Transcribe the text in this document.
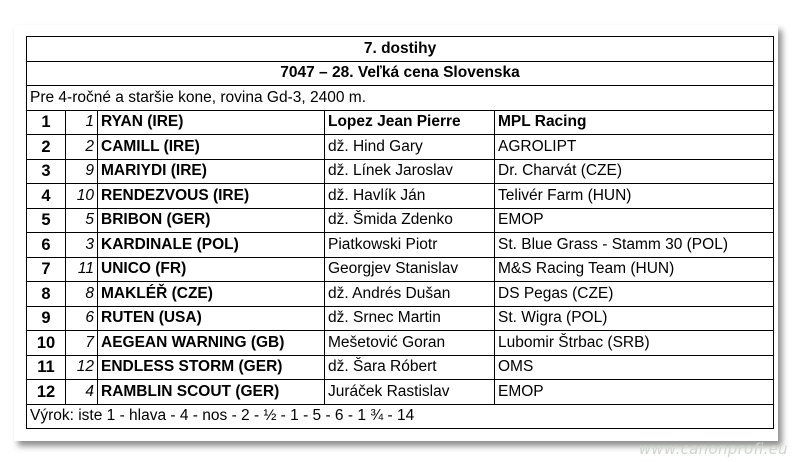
7. dostihy				
7047 – 28. Veľká cena Slovenska				
Pre 4-ročné a staršie kone, rovina Gd-3, 2400 m.				
1	1	RYAN (IRE)	Lopez Jean Pierre	MPL Racing
2	2	CAMILL (IRE)	dž. Hind Gary	AGROLIPT
3	9	MARIYDI (IRE)	dž. Línek Jaroslav	Dr. Charvát (CZE)
4	10	RENDEZVOUS (IRE)	dž. Havlík Ján	Telivér Farm (HUN)
5	5	BRIBON (GER)	dž. Šmida Zdenko	EMOP
6	3	KARDINALE (POL)	Piatkowski Piotr	St. Blue Grass - Stamm 30 (POL)
7	11	UNICO (FR)	Georgjev Stanislav	M&S Racing Team (HUN)
8	8	MAKLÉŘ (CZE)	dž. Andrés Dušan	DS Pegas (CZE)
9	6	RUTEN (USA)	dž. Srnec Martin	St. Wigra (POL)
10	7	AEGEAN WARNING (GB)	Mešetović Goran	Lubomir Štrbac (SRB)
11	12	ENDLESS STORM (GER)	dž. Šara Róbert	OMS
12	4	RAMBLIN SCOUT (GER)	Juráček Rastislav	EMOP
Výrok: iste 1 - hlava - 4 - nos - 2 - ½ - 1 - 5 - 6 - 1 ¾ - 14				
www.canonprofi.eu
